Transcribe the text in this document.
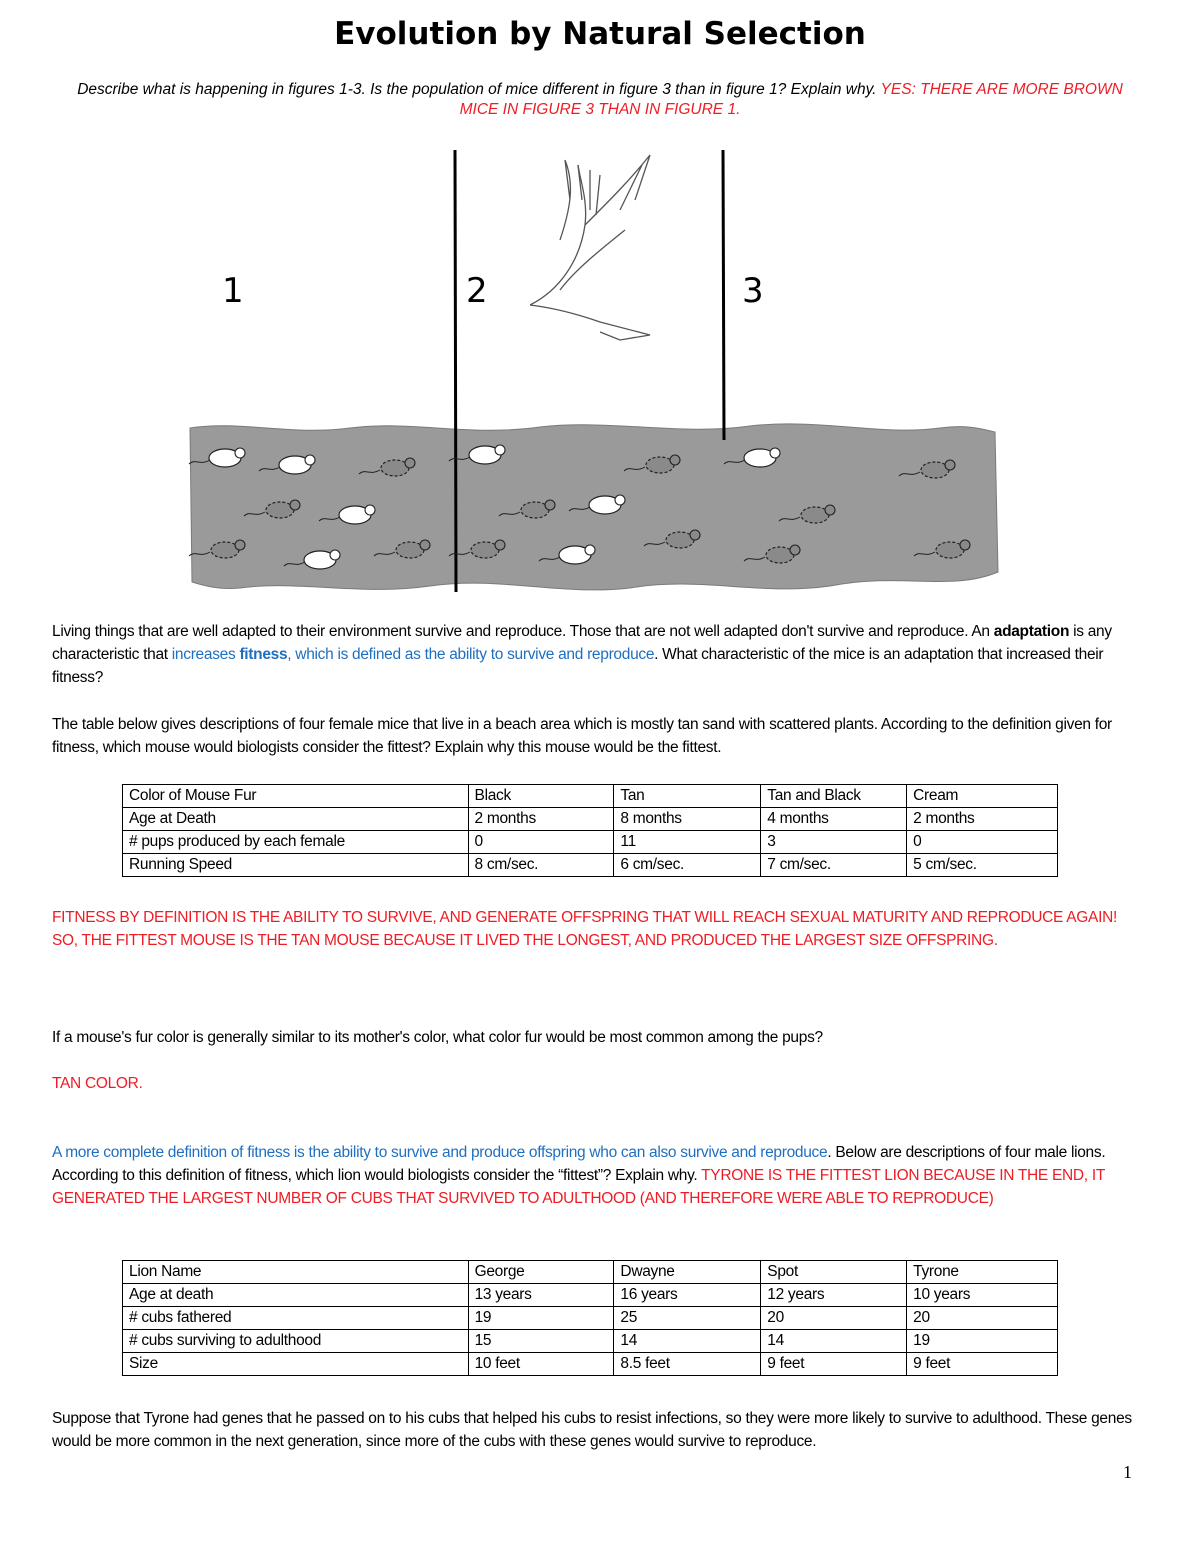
Evolution by Natural Selection
Describe what is happening in figures 1-3. Is the population of mice different in figure 3 than in figure 1? Explain why. YES: THERE ARE MORE BROWN MICE IN FIGURE 3 THAN IN FIGURE 1.
1	2	3
Living things that are well adapted to their environment survive and reproduce. Those that are not well adapted don't survive and reproduce. An adaptation is any characteristic that increases fitness, which is defined as the ability to survive and reproduce. What characteristic of the mice is an adaptation that increased their fitness?
The table below gives descriptions of four female mice that live in a beach area which is mostly tan sand with scattered plants. According to the definition given for fitness, which mouse would biologists consider the fittest? Explain why this mouse would be the fittest.
Color of Mouse Fur	Black	Tan	Tan and Black	Cream
Age at Death	2 months	8 months	4 months	2 months
# pups produced by each female	0	11	3	0
Running Speed	8 cm/sec.	6 cm/sec.	7 cm/sec.	5 cm/sec.
FITNESS BY DEFINITION IS THE ABILITY TO SURVIVE, AND GENERATE OFFSPRING THAT WILL REACH SEXUAL MATURITY AND REPRODUCE AGAIN! SO, THE FITTEST MOUSE IS THE TAN MOUSE BECAUSE IT LIVED THE LONGEST, AND PRODUCED THE LARGEST SIZE OFFSPRING.
If a mouse's fur color is generally similar to its mother's color, what color fur would be most common among the pups?
TAN COLOR.
A more complete definition of fitness is the ability to survive and produce offspring who can also survive and reproduce. Below are descriptions of four male lions. According to this definition of fitness, which lion would biologists consider the “fittest”? Explain why. TYRONE IS THE FITTEST LION BECAUSE IN THE END, IT GENERATED THE LARGEST NUMBER OF CUBS THAT SURVIVED TO ADULTHOOD (AND THEREFORE WERE ABLE TO REPRODUCE)
Lion Name	George	Dwayne	Spot	Tyrone
Age at death	13 years	16 years	12 years	10 years
# cubs fathered	19	25	20	20
# cubs surviving to adulthood	15	14	14	19
Size	10 feet	8.5 feet	9 feet	9 feet
Suppose that Tyrone had genes that he passed on to his cubs that helped his cubs to resist infections, so they were more likely to survive to adulthood. These genes would be more common in the next generation, since more of the cubs with these genes would survive to reproduce.
1
